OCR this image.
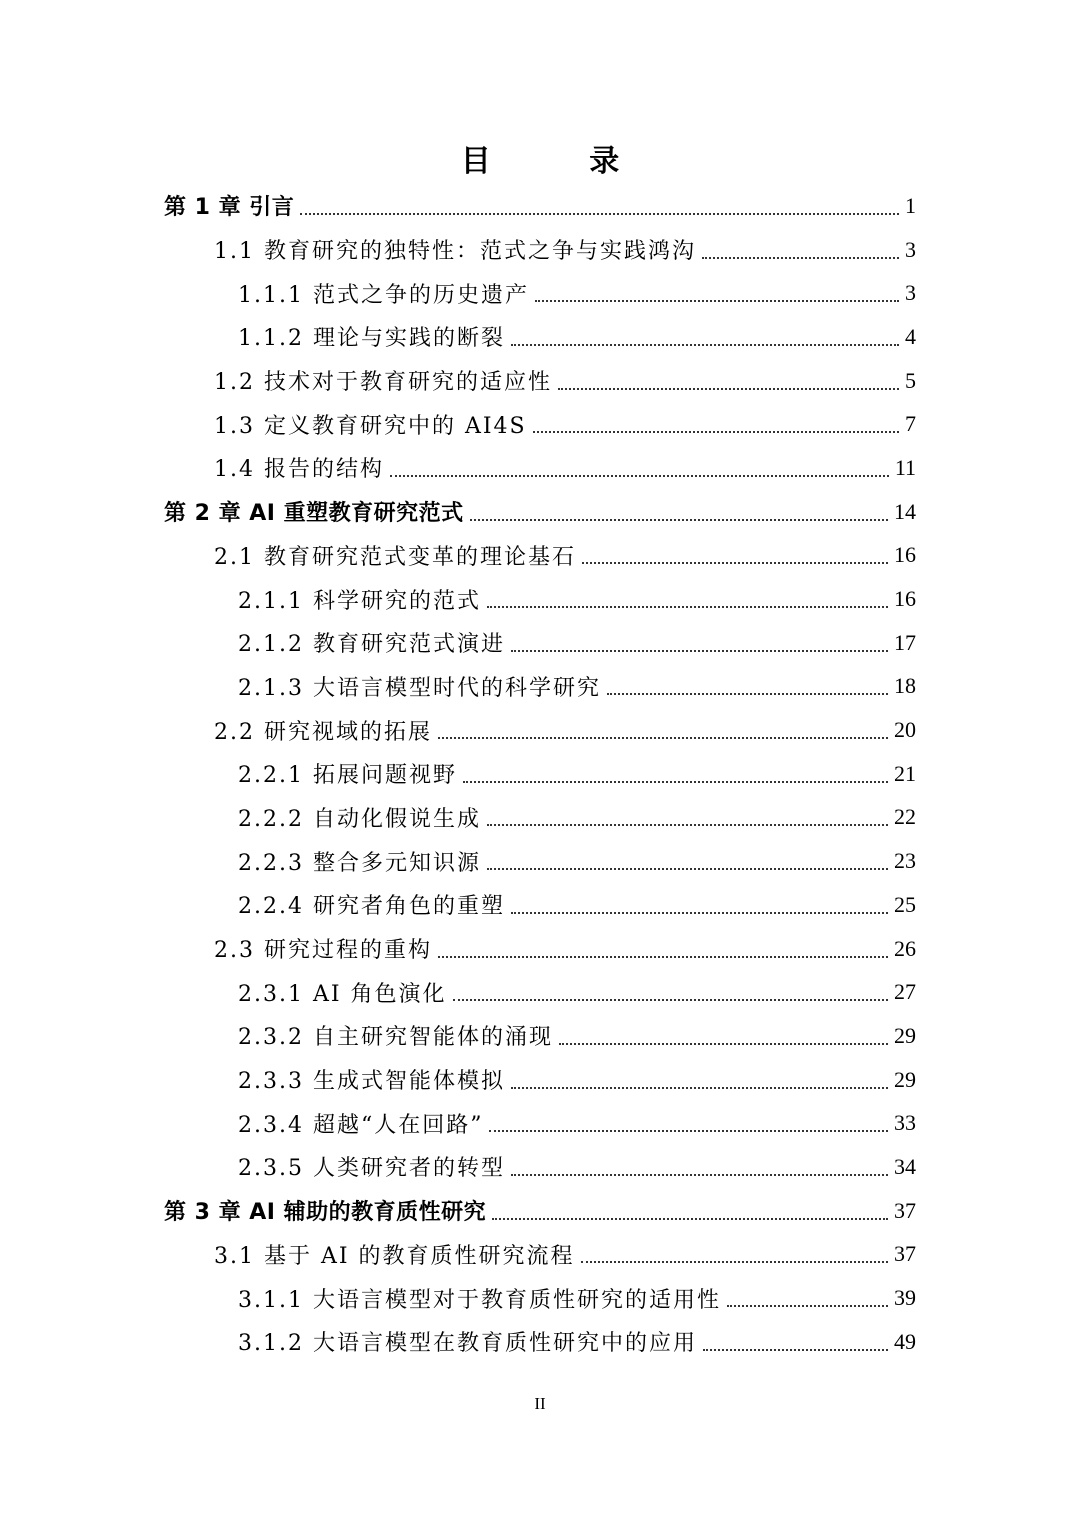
目 录
第 1 章 引言	1
1.1 教育研究的独特性：范式之争与实践鸿沟	3
1.1.1 范式之争的历史遗产	3
1.1.2 理论与实践的断裂	4
1.2 技术对于教育研究的适应性	5
1.3 定义教育研究中的 AI4S	7
1.4 报告的结构	11
第 2 章 AI 重塑教育研究范式	14
2.1 教育研究范式变革的理论基石	16
2.1.1 科学研究的范式	16
2.1.2 教育研究范式演进	17
2.1.3 大语言模型时代的科学研究	18
2.2 研究视域的拓展	20
2.2.1 拓展问题视野	21
2.2.2 自动化假说生成	22
2.2.3 整合多元知识源	23
2.2.4 研究者角色的重塑	25
2.3 研究过程的重构	26
2.3.1 AI 角色演化	27
2.3.2 自主研究智能体的涌现	29
2.3.3 生成式智能体模拟	29
2.3.4 超越“人在回路”	33
2.3.5 人类研究者的转型	34
第 3 章 AI 辅助的教育质性研究	37
3.1 基于 AI 的教育质性研究流程	37
3.1.1 大语言模型对于教育质性研究的适用性	39
3.1.2 大语言模型在教育质性研究中的应用	49
II
